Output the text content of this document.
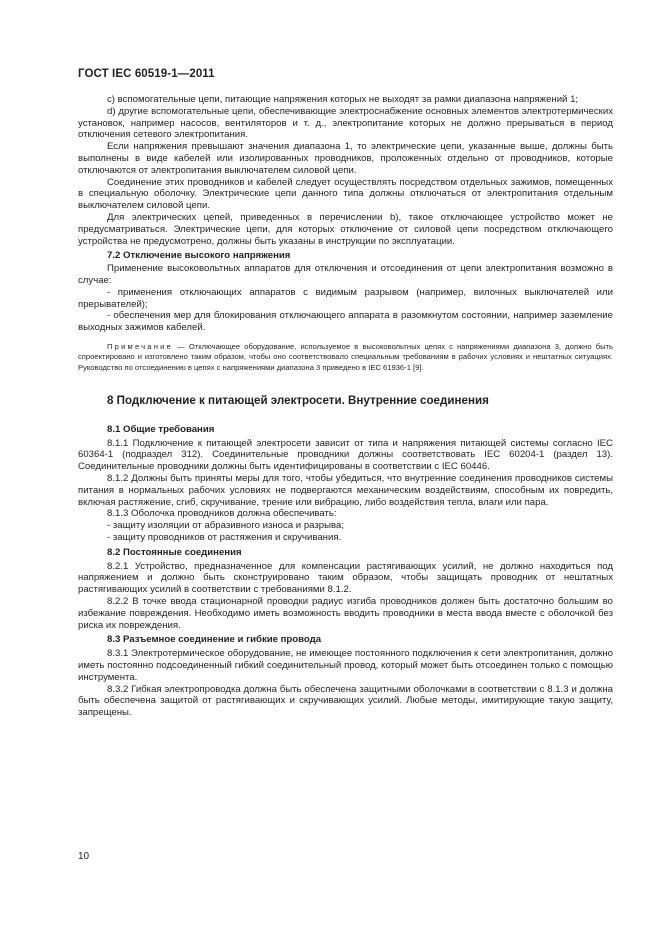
ГОСТ IEC 60519-1—2011

c) вспомогательные цепи, питающие напряжения которых не выходят за рамки диапазона напряжений 1;

d) другие вспомогательные цепи, обеспечивающие электроснабжение основных элементов электротермических установок, например насосов, вентиляторов и т. д., электропитание которых не должно прерываться в период отключения сетевого электропитания.

Если напряжения превышают значения диапазона 1, то электрические цепи, указанные выше, должны быть выполнены в виде кабелей или изолированных проводников, проложенных отдельно от проводников, которые отключаются от электропитания выключателем силовой цепи.

Соединение этих проводников и кабелей следует осуществлять посредством отдельных зажимов, помещенных в специальную оболочку. Электрические цепи данного типа должны отключаться от электропитания отдельным выключателем силовой цепи.

Для электрических цепей, приведенных в перечислении b), такое отключающее устройство может не предусматриваться. Электрические цепи, для которых отключение от силовой цепи посредством отключающего устройства не предусмотрено, должны быть указаны в инструкции по эксплуатации.

7.2 Отключение высокого напряжения

Применение высоковольтных аппаратов для отключения и отсоединения от цепи электропитания возможно в случае:

- применения отключающих аппаратов с видимым разрывом (например, вилочных выключателей или прерывателей);

- обеспечения мер для блокирования отключающего аппарата в разомкнутом состоянии, например заземление выходных зажимов кабелей.

Примечание — Отключающее оборудование, используемое в высоковольтных цепях с напряжениями диапазона 3, должно быть спроектировано и изготовлено таким образом, чтобы оно соответствовало специальным требованиям в рабочих условиях и нештатных ситуациях. Руководство по отсоединению в цепях с напряжениями диапазона 3 приведено в IEC 61936-1 [9].

8 Подключение к питающей электросети. Внутренние соединения
8.1 Общие требования

8.1.1 Подключение к питающей электросети зависит от типа и напряжения питающей системы согласно IEC 60364-1 (подраздел 312). Соединительные проводники должны соответствовать IEC 60204-1 (раздел 13). Соединительные проводники должны быть идентифицированы в соответствии с IEC 60446.

8.1.2 Должны быть приняты меры для того, чтобы убедиться, что внутренние соединения проводников системы питания в нормальных рабочих условиях не подвергаются механическим воздействиям, способным их повредить, включая растяжение, сгиб, скручивание, трение или вибрацию, либо воздействия тепла, влаги или пара.

8.1.3 Оболочка проводников должна обеспечивать:

- защиту изоляции от абразивного износа и разрыва;

- защиту проводников от растяжения и скручивания.

8.2 Постоянные соединения

8.2.1 Устройство, предназначенное для компенсации растягивающих усилий, не должно находиться под напряжением и должно быть сконструировано таким образом, чтобы защищать проводник от нештатных растягивающих усилий в соответствии с требованиями 8.1.2.

8.2.2 В точке ввода стационарной проводки радиус изгиба проводников должен быть достаточно большим во избежание повреждения. Необходимо иметь возможность вводить проводники в места ввода вместе с оболочкой без риска их повреждения.

8.3 Разъемное соединение и гибкие провода

8.3.1 Электротермическое оборудование, не имеющее постоянного подключения к сети электропитания, должно иметь постоянно подсоединенный гибкий соединительный провод, который может быть отсоединен только с помощью инструмента.

8.3.2 Гибкая электропроводка должна быть обеспечена защитными оболочками в соответствии с 8.1.3 и должна быть обеспечена защитой от растягивающих и скручивающих усилий. Любые методы, имитирующие такую защиту, запрещены.

10
